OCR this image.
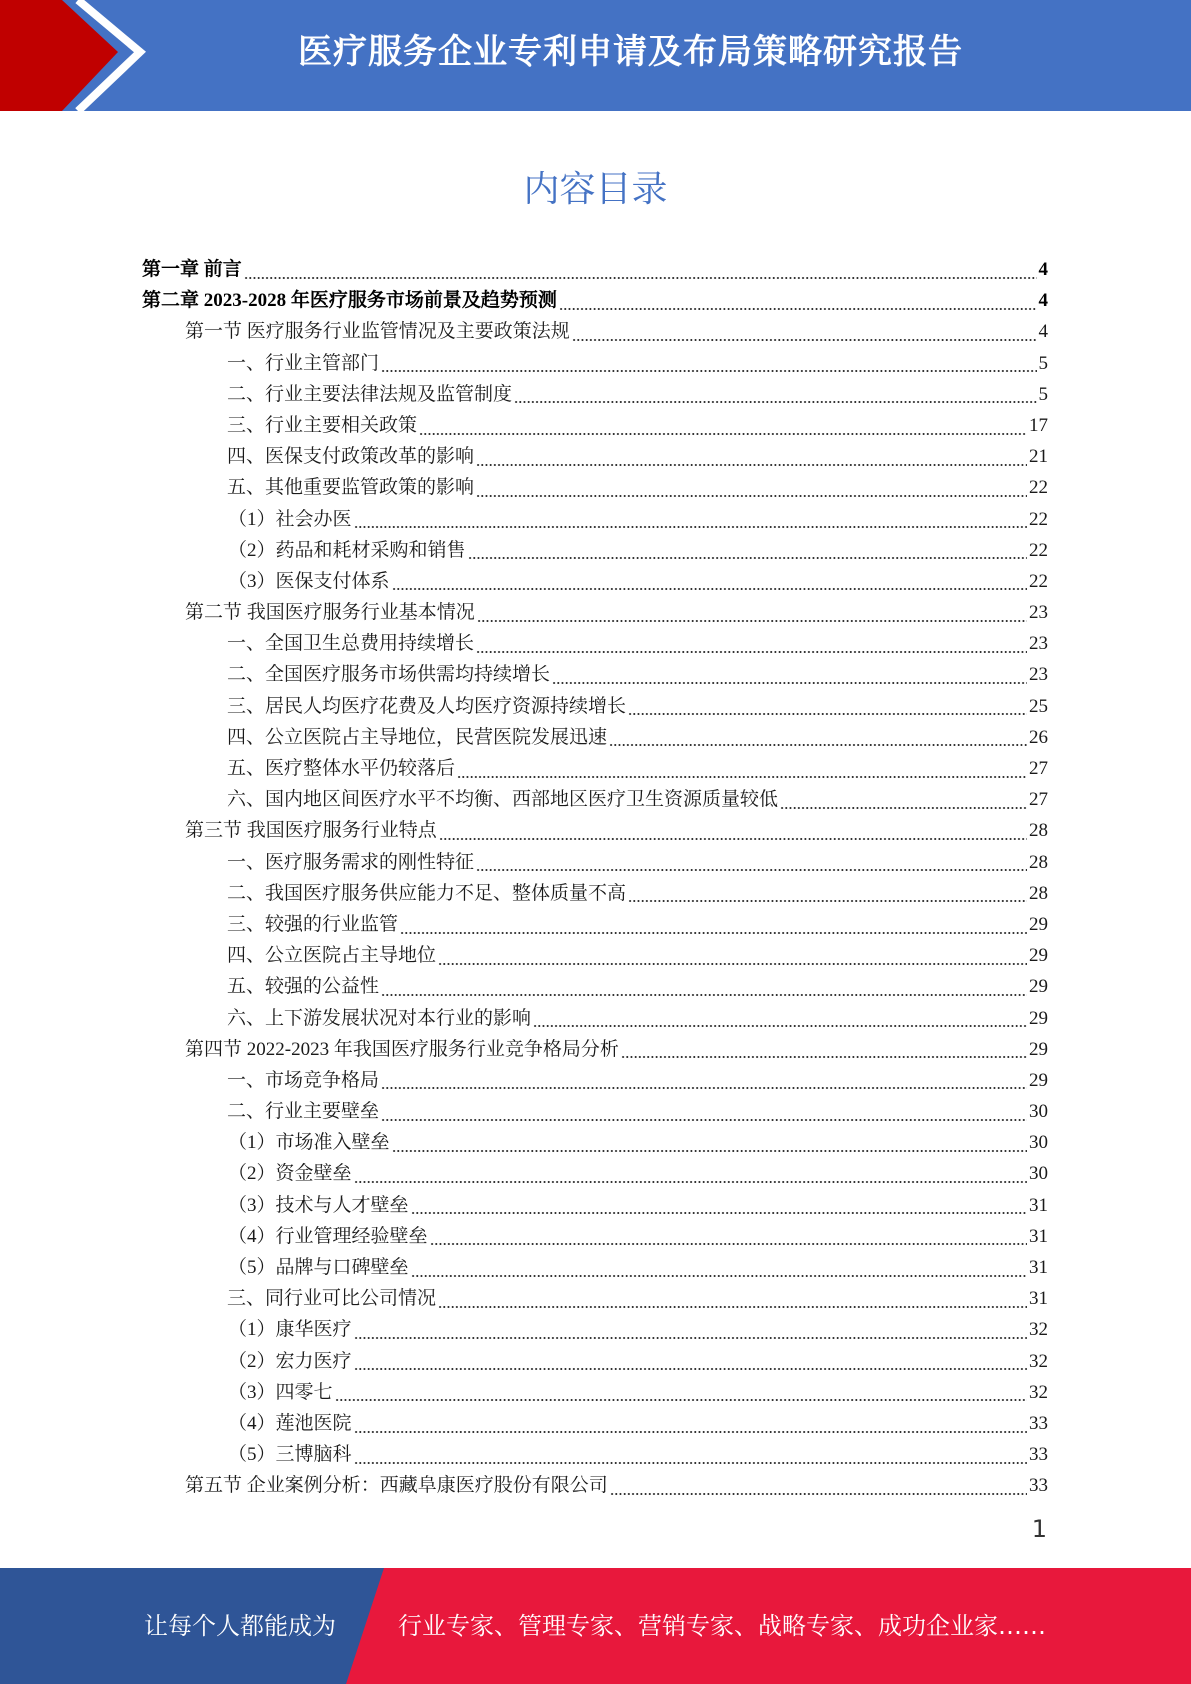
医疗服务企业专利申请及布局策略研究报告
内容目录
第一章 前言	4
第二章 2023-2028 年医疗服务市场前景及趋势预测	4
第一节 医疗服务行业监管情况及主要政策法规	4
一、行业主管部门	5
二、行业主要法律法规及监管制度	5
三、行业主要相关政策	17
四、医保支付政策改革的影响	21
五、其他重要监管政策的影响	22
（1）社会办医	22
（2）药品和耗材采购和销售	22
（3）医保支付体系	22
第二节 我国医疗服务行业基本情况	23
一、全国卫生总费用持续增长	23
二、全国医疗服务市场供需均持续增长	23
三、居民人均医疗花费及人均医疗资源持续增长	25
四、公立医院占主导地位，民营医院发展迅速	26
五、医疗整体水平仍较落后	27
六、国内地区间医疗水平不均衡、西部地区医疗卫生资源质量较低	27
第三节 我国医疗服务行业特点	28
一、医疗服务需求的刚性特征	28
二、我国医疗服务供应能力不足、整体质量不高	28
三、较强的行业监管	29
四、公立医院占主导地位	29
五、较强的公益性	29
六、上下游发展状况对本行业的影响	29
第四节 2022-2023 年我国医疗服务行业竞争格局分析	29
一、市场竞争格局	29
二、行业主要壁垒	30
（1）市场准入壁垒	30
（2）资金壁垒	30
（3）技术与人才壁垒	31
（4）行业管理经验壁垒	31
（5）品牌与口碑壁垒	31
三、同行业可比公司情况	31
（1）康华医疗	32
（2）宏力医疗	32
（3）四零七	32
（4）莲池医院	33
（5）三博脑科	33
第五节 企业案例分析：西藏阜康医疗股份有限公司	33
1
让每个人都能成为	行业专家、管理专家、营销专家、战略专家、成功企业家……
